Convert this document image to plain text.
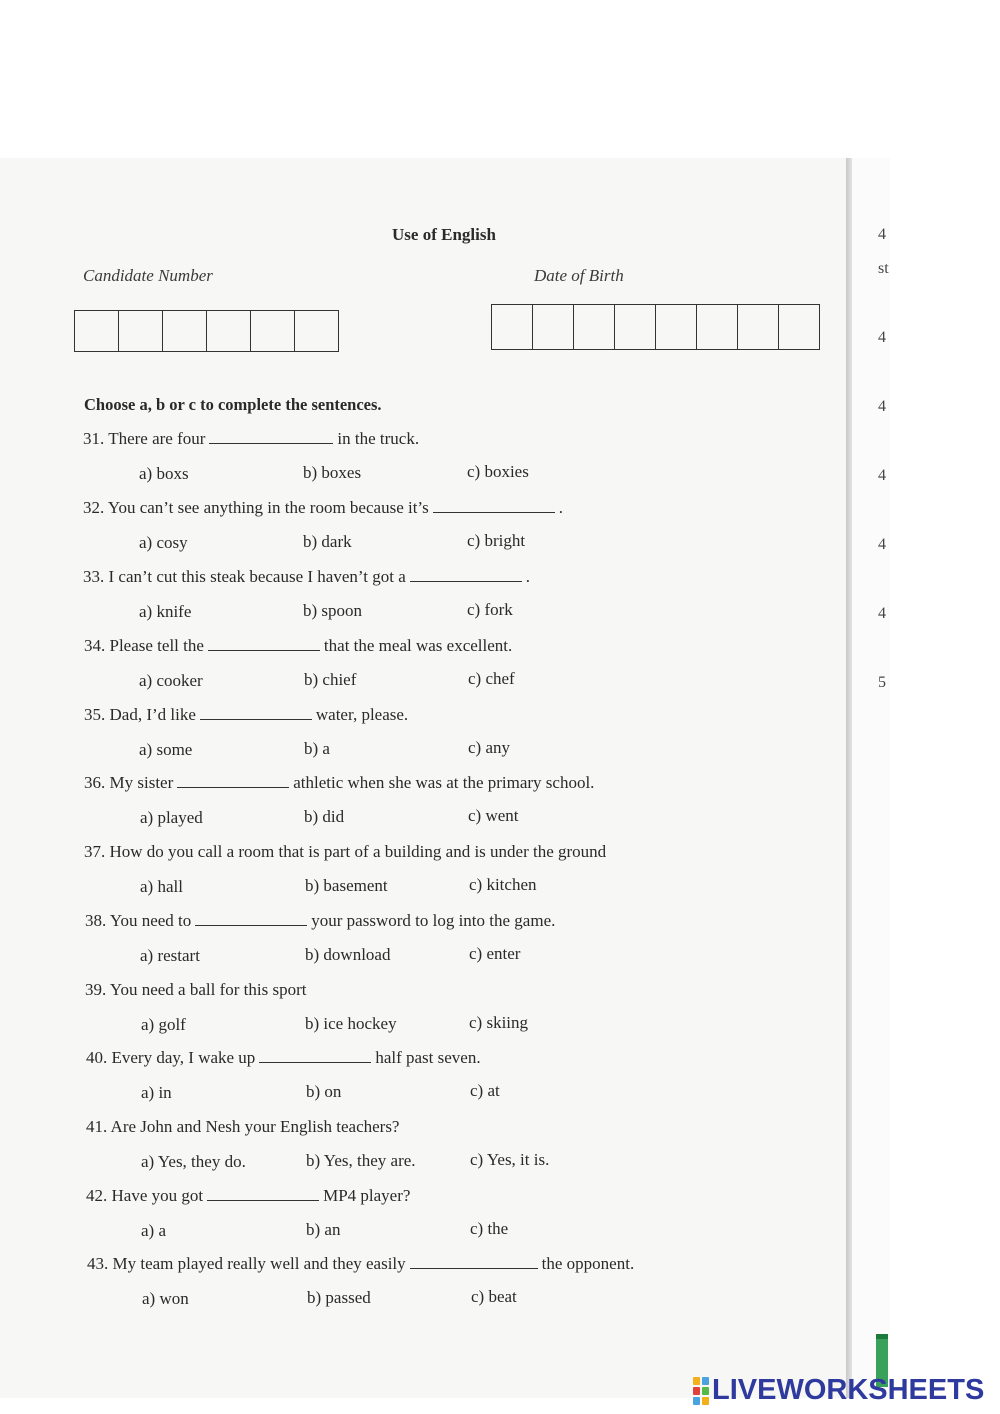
4
st
4
4
4
4
4
5
Use of English
Candidate Number	Date of Birth
Choose a, b or c to complete the sentences.
31. There are four	in the truck.
a) boxs	b) boxes	c) boxies
32. You can’t see anything in the room because it’s	.
a) cosy	b) dark	c) bright
33. I can’t cut this steak because I haven’t got a	.
a) knife	b) spoon	c) fork
34. Please tell the	that the meal was excellent.
a) cooker	b) chief	c) chef
35. Dad, I’d like	water, please.
a) some	b) a	c) any
36. My sister	athletic when she was at the primary school.
a) played	b) did	c) went
37. How do you call a room that is part of a building and is under the ground
a) hall	b) basement	c) kitchen
38. You need to	your password to log into the game.
a) restart	b) download	c) enter
39. You need a ball for this sport
a) golf	b) ice hockey	c) skiing
40. Every day, I wake up	half past seven.
a) in	b) on	c) at
41. Are John and Nesh your English teachers?
a) Yes, they do.	b) Yes, they are.	c) Yes, it is.
42. Have you got	MP4 player?
a) a	b) an	c) the
43. My team played really well and they easily	the opponent.
a) won	b) passed	c) beat
LIVEWORKSHEETS
